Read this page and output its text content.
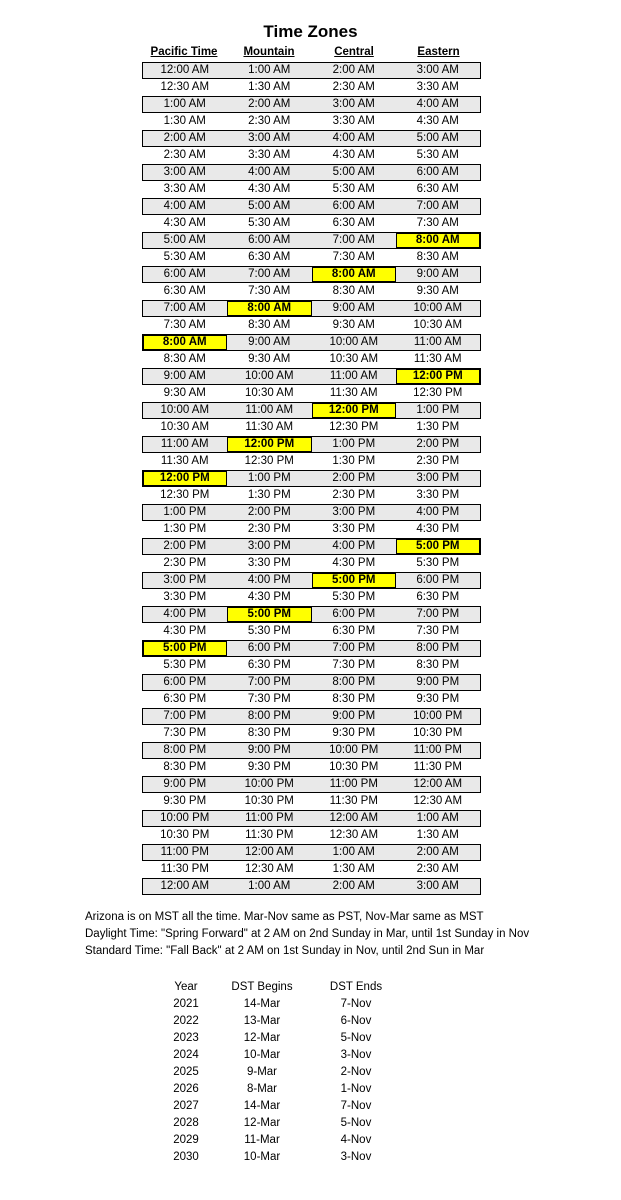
Time Zones
Pacific Time	Mountain	Central	Eastern
12:00 AM	1:00 AM	2:00 AM	3:00 AM
12:30 AM	1:30 AM	2:30 AM	3:30 AM
1:00 AM	2:00 AM	3:00 AM	4:00 AM
1:30 AM	2:30 AM	3:30 AM	4:30 AM
2:00 AM	3:00 AM	4:00 AM	5:00 AM
2:30 AM	3:30 AM	4:30 AM	5:30 AM
3:00 AM	4:00 AM	5:00 AM	6:00 AM
3:30 AM	4:30 AM	5:30 AM	6:30 AM
4:00 AM	5:00 AM	6:00 AM	7:00 AM
4:30 AM	5:30 AM	6:30 AM	7:30 AM
5:00 AM	6:00 AM	7:00 AM	8:00 AM
5:30 AM	6:30 AM	7:30 AM	8:30 AM
6:00 AM	7:00 AM	8:00 AM	9:00 AM
6:30 AM	7:30 AM	8:30 AM	9:30 AM
7:00 AM	8:00 AM	9:00 AM	10:00 AM
7:30 AM	8:30 AM	9:30 AM	10:30 AM
8:00 AM	9:00 AM	10:00 AM	11:00 AM
8:30 AM	9:30 AM	10:30 AM	11:30 AM
9:00 AM	10:00 AM	11:00 AM	12:00 PM
9:30 AM	10:30 AM	11:30 AM	12:30 PM
10:00 AM	11:00 AM	12:00 PM	1:00 PM
10:30 AM	11:30 AM	12:30 PM	1:30 PM
11:00 AM	12:00 PM	1:00 PM	2:00 PM
11:30 AM	12:30 PM	1:30 PM	2:30 PM
12:00 PM	1:00 PM	2:00 PM	3:00 PM
12:30 PM	1:30 PM	2:30 PM	3:30 PM
1:00 PM	2:00 PM	3:00 PM	4:00 PM
1:30 PM	2:30 PM	3:30 PM	4:30 PM
2:00 PM	3:00 PM	4:00 PM	5:00 PM
2:30 PM	3:30 PM	4:30 PM	5:30 PM
3:00 PM	4:00 PM	5:00 PM	6:00 PM
3:30 PM	4:30 PM	5:30 PM	6:30 PM
4:00 PM	5:00 PM	6:00 PM	7:00 PM
4:30 PM	5:30 PM	6:30 PM	7:30 PM
5:00 PM	6:00 PM	7:00 PM	8:00 PM
5:30 PM	6:30 PM	7:30 PM	8:30 PM
6:00 PM	7:00 PM	8:00 PM	9:00 PM
6:30 PM	7:30 PM	8:30 PM	9:30 PM
7:00 PM	8:00 PM	9:00 PM	10:00 PM
7:30 PM	8:30 PM	9:30 PM	10:30 PM
8:00 PM	9:00 PM	10:00 PM	11:00 PM
8:30 PM	9:30 PM	10:30 PM	11:30 PM
9:00 PM	10:00 PM	11:00 PM	12:00 AM
9:30 PM	10:30 PM	11:30 PM	12:30 AM
10:00 PM	11:00 PM	12:00 AM	1:00 AM
10:30 PM	11:30 PM	12:30 AM	1:30 AM
11:00 PM	12:00 AM	1:00 AM	2:00 AM
11:30 PM	12:30 AM	1:30 AM	2:30 AM
12:00 AM	1:00 AM	2:00 AM	3:00 AM
Arizona is on MST all the time. Mar-Nov same as PST, Nov-Mar same as MST
Daylight Time: "Spring Forward" at 2 AM on 2nd Sunday in Mar, until 1st Sunday in Nov
Standard Time: "Fall Back" at 2 AM on 1st Sunday in Nov, until 2nd Sun in Mar
Year	DST Begins	DST Ends
2021	14-Mar	7-Nov
2022	13-Mar	6-Nov
2023	12-Mar	5-Nov
2024	10-Mar	3-Nov
2025	9-Mar	2-Nov
2026	8-Mar	1-Nov
2027	14-Mar	7-Nov
2028	12-Mar	5-Nov
2029	11-Mar	4-Nov
2030	10-Mar	3-Nov
